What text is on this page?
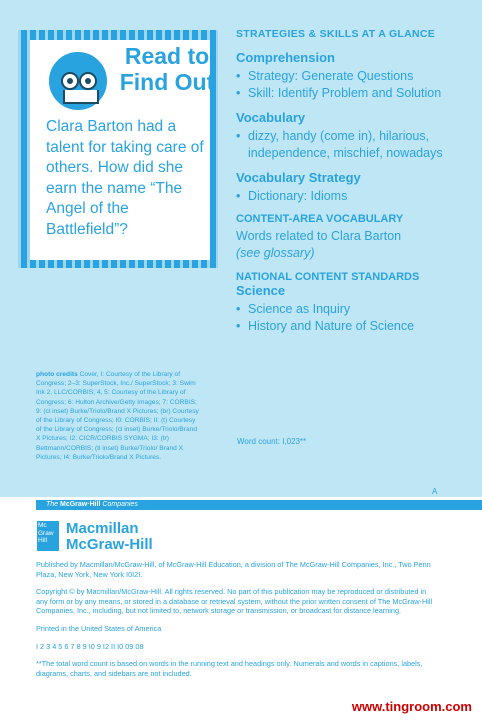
Read to
Find Out
Clara Barton had a talent for taking care of others. How did she earn the name “The Angel of the Battlefield”?
STRATEGIES & SKILLS AT A GLANCE
Comprehension
• Strategy: Generate Questions
• Skill: Identify Problem and Solution
Vocabulary
• dizzy, handy (come in), hilarious, independence, mischief, nowadays
Vocabulary Strategy
• Dictionary: Idioms
CONTENT-AREA VOCABULARY
Words related to Clara Barton
(see glossary)
NATIONAL CONTENT STANDARDS
Science
• Science as Inquiry
• History and Nature of Science
photo credits Cover, I: Courtesy of the Library of Congress; 2–3: SuperStock, Inc./ SuperStock; 3: Swim Ink 2, LLC/CORBIS; 4, 5: Courtesy of the Library of Congress; 6: Hulton Archive/Getty Images; 7: CORBIS; 9: (cl inset) Burke/Triolo/Brand X Pictures; (br) Courtesy of the Library of Congress; I0: CORBIS; II: (t) Courtesy of the Library of Congress; (cl inset) Burke/Triolo/Brand X Pictures; I2: CICR/CORBIS SYGMA; I3: (tr) Bettmann/CORBIS; (tl inset) Burke/Triolo/ Brand X Pictures; I4: Burke/Triolo/Brand X Pictures.
Word count: I,023**
A
The McGraw·Hill Companies
Mc
Graw
Hill
Macmillan
McGraw-Hill

Published by Macmillan/McGraw-Hill, of McGraw-Hill Education, a division of The McGraw-Hill Companies, Inc., Two Penn Plaza, New York, New York I0I2I.

Copyright © by Macmillan/McGraw-Hill. All rights reserved. No part of this publication may be reproduced or distributed in any form or by any means, or stored in a database or retrieval system, without the prior written consent of The McGraw-Hill Companies, Inc., including, but not limited to, network storage or transmission, or broadcast for distance learning.

Printed in the United States of America

I 2 3 4 5 6 7 8 9 I0 9 I2 II I0 09 08

**The total word count is based on words in the running text and headings only. Numerals and words in captions, labels, diagrams, charts, and sidebars are not included.

www.tingroom.com
